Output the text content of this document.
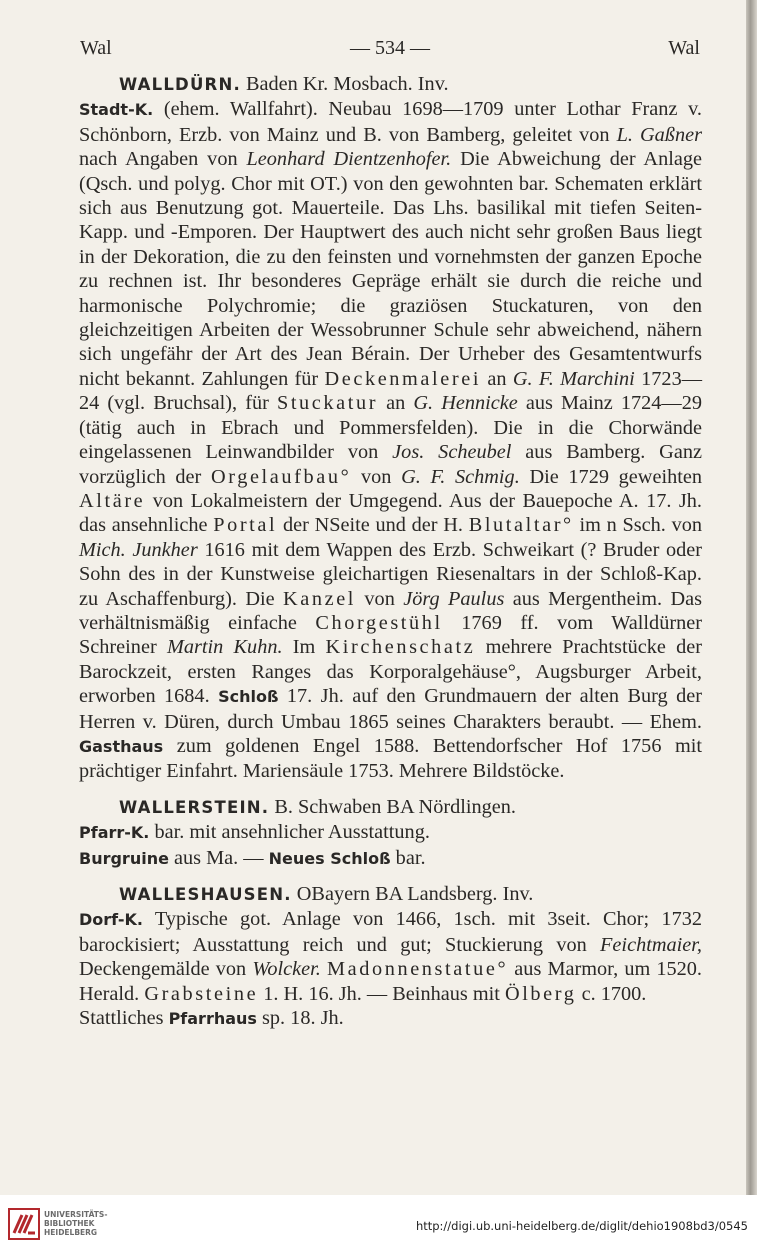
Wal	— 534 —	Wal

WALLDÜRN. Baden Kr. Mosbach. Inv.

Stadt-K. (ehem. Wallfahrt). Neubau 1698—1709 unter Lothar Franz v. Schönborn, Erzb. von Mainz und B. von Bamberg, geleitet von L. Gaßner nach Angaben von Leonhard Dientzenhofer. Die Abweichung der Anlage (Qsch. und polyg. Chor mit OT.) von den gewohnten bar. Schematen erklärt sich aus Benutzung got. Mauerteile. Das Lhs. basilikal mit tiefen Seiten-Kapp. und -Emporen. Der Hauptwert des auch nicht sehr großen Baus liegt in der Dekoration, die zu den feinsten und vornehmsten der ganzen Epoche zu rechnen ist. Ihr besonderes Gepräge erhält sie durch die reiche und harmonische Polychromie; die graziösen Stuckaturen, von den gleichzeitigen Arbeiten der Wessobrunner Schule sehr abweichend, nähern sich ungefähr der Art des Jean Bérain. Der Urheber des Gesamtentwurfs nicht bekannt. Zahlungen für Deckenmalerei an G. F. Marchini 1723—24 (vgl. Bruchsal), für Stuckatur an G. Hennicke aus Mainz 1724—29 (tätig auch in Ebrach und Pommersfelden). Die in die Chorwände eingelassenen Leinwandbilder von Jos. Scheubel aus Bamberg. Ganz vorzüglich der Orgelaufbau° von G. F. Schmig. Die 1729 geweihten Altäre von Lokalmeistern der Umgegend. Aus der Bauepoche A. 17. Jh. das ansehnliche Portal der NSeite und der H. Blutaltar° im n Ssch. von Mich. Junkher 1616 mit dem Wappen des Erzb. Schweikart (? Bruder oder Sohn des in der Kunstweise gleichartigen Riesenaltars in der Schloß-Kap. zu Aschaffenburg). Die Kanzel von Jörg Paulus aus Mergentheim. Das verhältnismäßig einfache Chorgestühl 1769 ff. vom Walldürner Schreiner Martin Kuhn. Im Kirchenschatz mehrere Prachtstücke der Barockzeit, ersten Ranges das Korporalgehäuse°, Augsburger Arbeit, erworben 1684. Schloß 17. Jh. auf den Grundmauern der alten Burg der Herren v. Düren, durch Umbau 1865 seines Charakters beraubt. — Ehem. Gasthaus zum goldenen Engel 1588. Bettendorfscher Hof 1756 mit prächtiger Einfahrt. Mariensäule 1753. Mehrere Bildstöcke.

WALLERSTEIN. B. Schwaben BA Nördlingen.

Pfarr-K. bar. mit ansehnlicher Ausstattung.

Burgruine aus Ma. — Neues Schloß bar.

WALLESHAUSEN. OBayern BA Landsberg. Inv.

Dorf-K. Typische got. Anlage von 1466, 1sch. mit 3seit. Chor; 1732 barockisiert; Ausstattung reich und gut; Stuckierung von Feichtmaier, Deckengemälde von Wolcker. Madonnenstatue° aus Marmor, um 1520. Herald. Grabsteine 1. H. 16. Jh. — Beinhaus mit Ölberg c. 1700.

Stattliches Pfarrhaus sp. 18. Jh.

UNIVERSITÄTS-
BIBLIOTHEK
HEIDELBERG	http://digi.ub.uni-heidelberg.de/diglit/dehio1908bd3/0545
